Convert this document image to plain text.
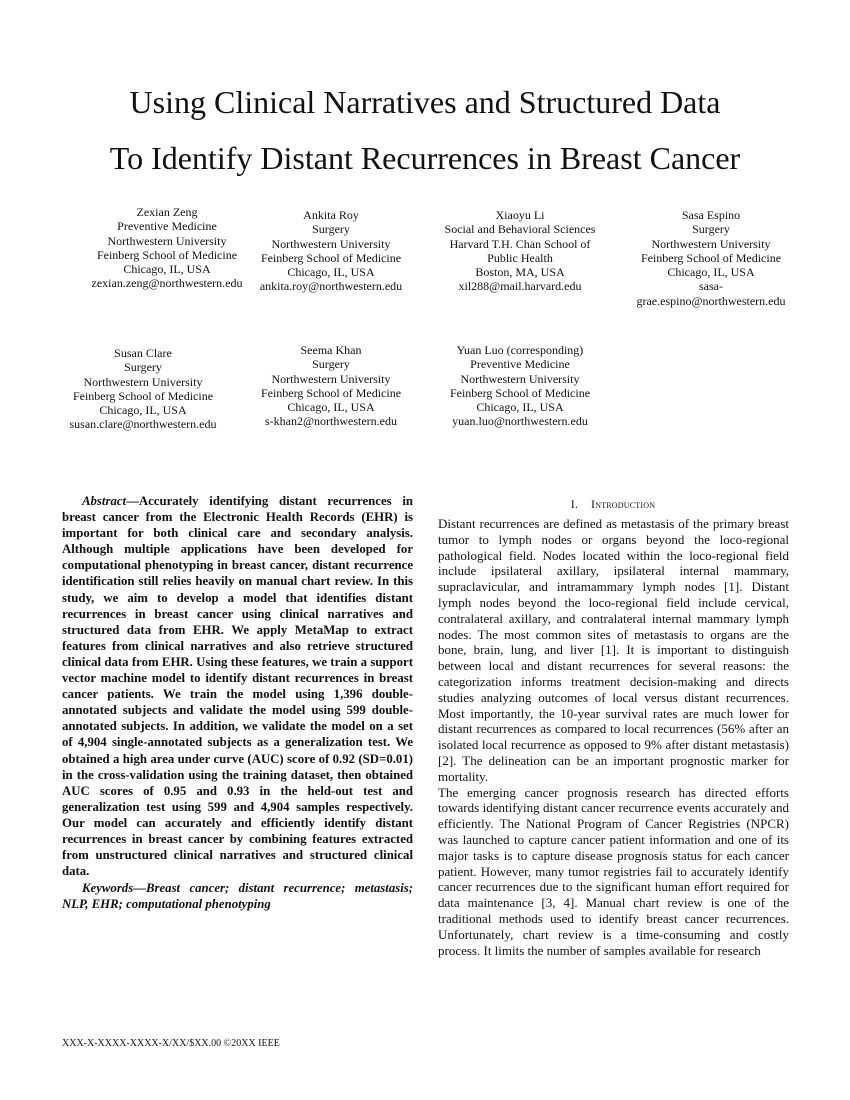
Using Clinical Narratives and Structured Data
To Identify Distant Recurrences in Breast Cancer
Zexian Zeng
Preventive Medicine
Northwestern University
Feinberg School of Medicine
Chicago, IL, USA
zexian.zeng@northwestern.edu
Ankita Roy
Surgery
Northwestern University
Feinberg School of Medicine
Chicago, IL, USA
ankita.roy@northwestern.edu
Xiaoyu Li
Social and Behavioral Sciences
Harvard T.H. Chan School of
Public Health
Boston, MA, USA
xil288@mail.harvard.edu
Sasa Espino
Surgery
Northwestern University
Feinberg School of Medicine
Chicago, IL, USA
sasa-
grae.espino@northwestern.edu
Susan Clare
Surgery
Northwestern University
Feinberg School of Medicine
Chicago, IL, USA
susan.clare@northwestern.edu
Seema Khan
Surgery
Northwestern University
Feinberg School of Medicine
Chicago, IL, USA
s-khan2@northwestern.edu
Yuan Luo (corresponding)
Preventive Medicine
Northwestern University
Feinberg School of Medicine
Chicago, IL, USA
yuan.luo@northwestern.edu

Abstract—Accurately identifying distant recurrences in breast cancer from the Electronic Health Records (EHR) is important for both clinical care and secondary analysis. Although multiple applications have been developed for computational phenotyping in breast cancer, distant recurrence identification still relies heavily on manual chart review. In this study, we aim to develop a model that identifies distant recurrences in breast cancer using clinical narratives and structured data from EHR. We apply MetaMap to extract features from clinical narratives and also retrieve structured clinical data from EHR. Using these features, we train a support vector machine model to identify distant recurrences in breast cancer patients. We train the model using 1,396 double-annotated subjects and validate the model using 599 double-annotated subjects. In addition, we validate the model on a set of 4,904 single-annotated subjects as a generalization test. We obtained a high area under curve (AUC) score of 0.92 (SD=0.01) in the cross-validation using the training dataset, then obtained AUC scores of 0.95 and 0.93 in the held-out test and generalization test using 599 and 4,904 samples respectively. Our model can accurately and efficiently identify distant recurrences in breast cancer by combining features extracted from unstructured clinical narratives and structured clinical data.

Keywords—Breast cancer; distant recurrence; metastasis; NLP, EHR; computational phenotyping

I. Introduction
Distant recurrences are defined as metastasis of the primary breast tumor to lymph nodes or organs beyond the loco-regional pathological field. Nodes located within the loco-regional field include ipsilateral axillary, ipsilateral internal mammary, supraclavicular, and intramammary lymph nodes [1]. Distant lymph nodes beyond the loco-regional field include cervical, contralateral axillary, and contralateral internal mammary lymph nodes. The most common sites of metastasis to organs are the bone, brain, lung, and liver [1]. It is important to distinguish between local and distant recurrences for several reasons: the categorization informs treatment decision-making and directs studies analyzing outcomes of local versus distant recurrences. Most importantly, the 10-year survival rates are much lower for distant recurrences as compared to local recurrences (56% after an isolated local recurrence as opposed to 9% after distant metastasis) [2]. The delineation can be an important prognostic marker for mortality.
The emerging cancer prognosis research has directed efforts towards identifying distant cancer recurrence events accurately and efficiently. The National Program of Cancer Registries (NPCR) was launched to capture cancer patient information and one of its major tasks is to capture disease prognosis status for each cancer patient. However, many tumor registries fail to accurately identify cancer recurrences due to the significant human effort required for data maintenance [3, 4]. Manual chart review is one of the traditional methods used to identify breast cancer recurrences. Unfortunately, chart review is a time-consuming and costly process. It limits the number of samples available for research
XXX-X-XXXX-XXXX-X/XX/$XX.00 ©20XX IEEE
